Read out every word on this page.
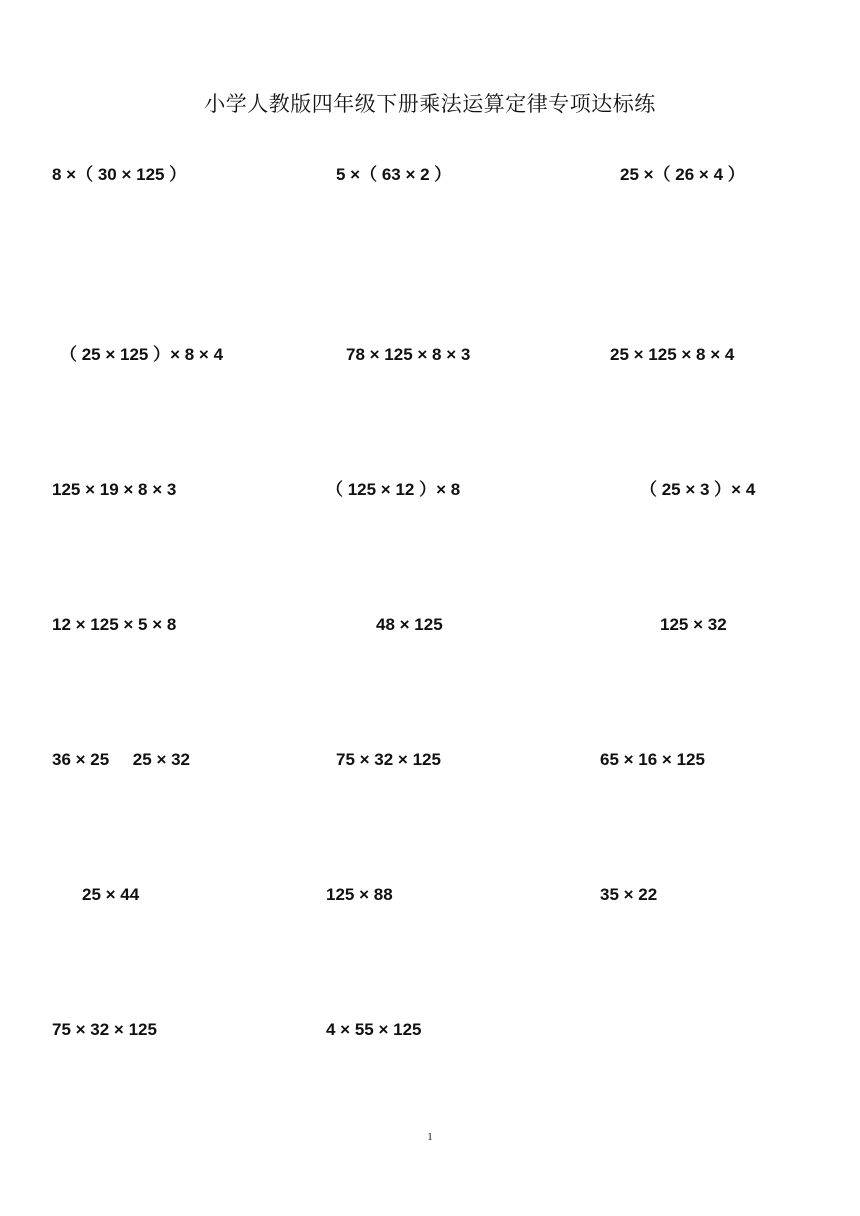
小学人教版四年级下册乘法运算定律专项达标练
8 ×（ 30 × 125 ）	5 ×（ 63 × 2 ）	25 ×（ 26 × 4 ）
（ 25 × 125 ）× 8 × 4	78 × 125 × 8 × 3	25 × 125 × 8 × 4
125 × 19 × 8 × 3	（ 125 × 12 ）× 8	（ 25 × 3 ）× 4
12 × 125 × 5 × 8	48 × 125	125 × 32
36 × 25     25 × 32	75 × 32 × 125	65 × 16 × 125
25 × 44	125 × 88	35 × 22
75 × 32 × 125	4 × 55 × 125
1
